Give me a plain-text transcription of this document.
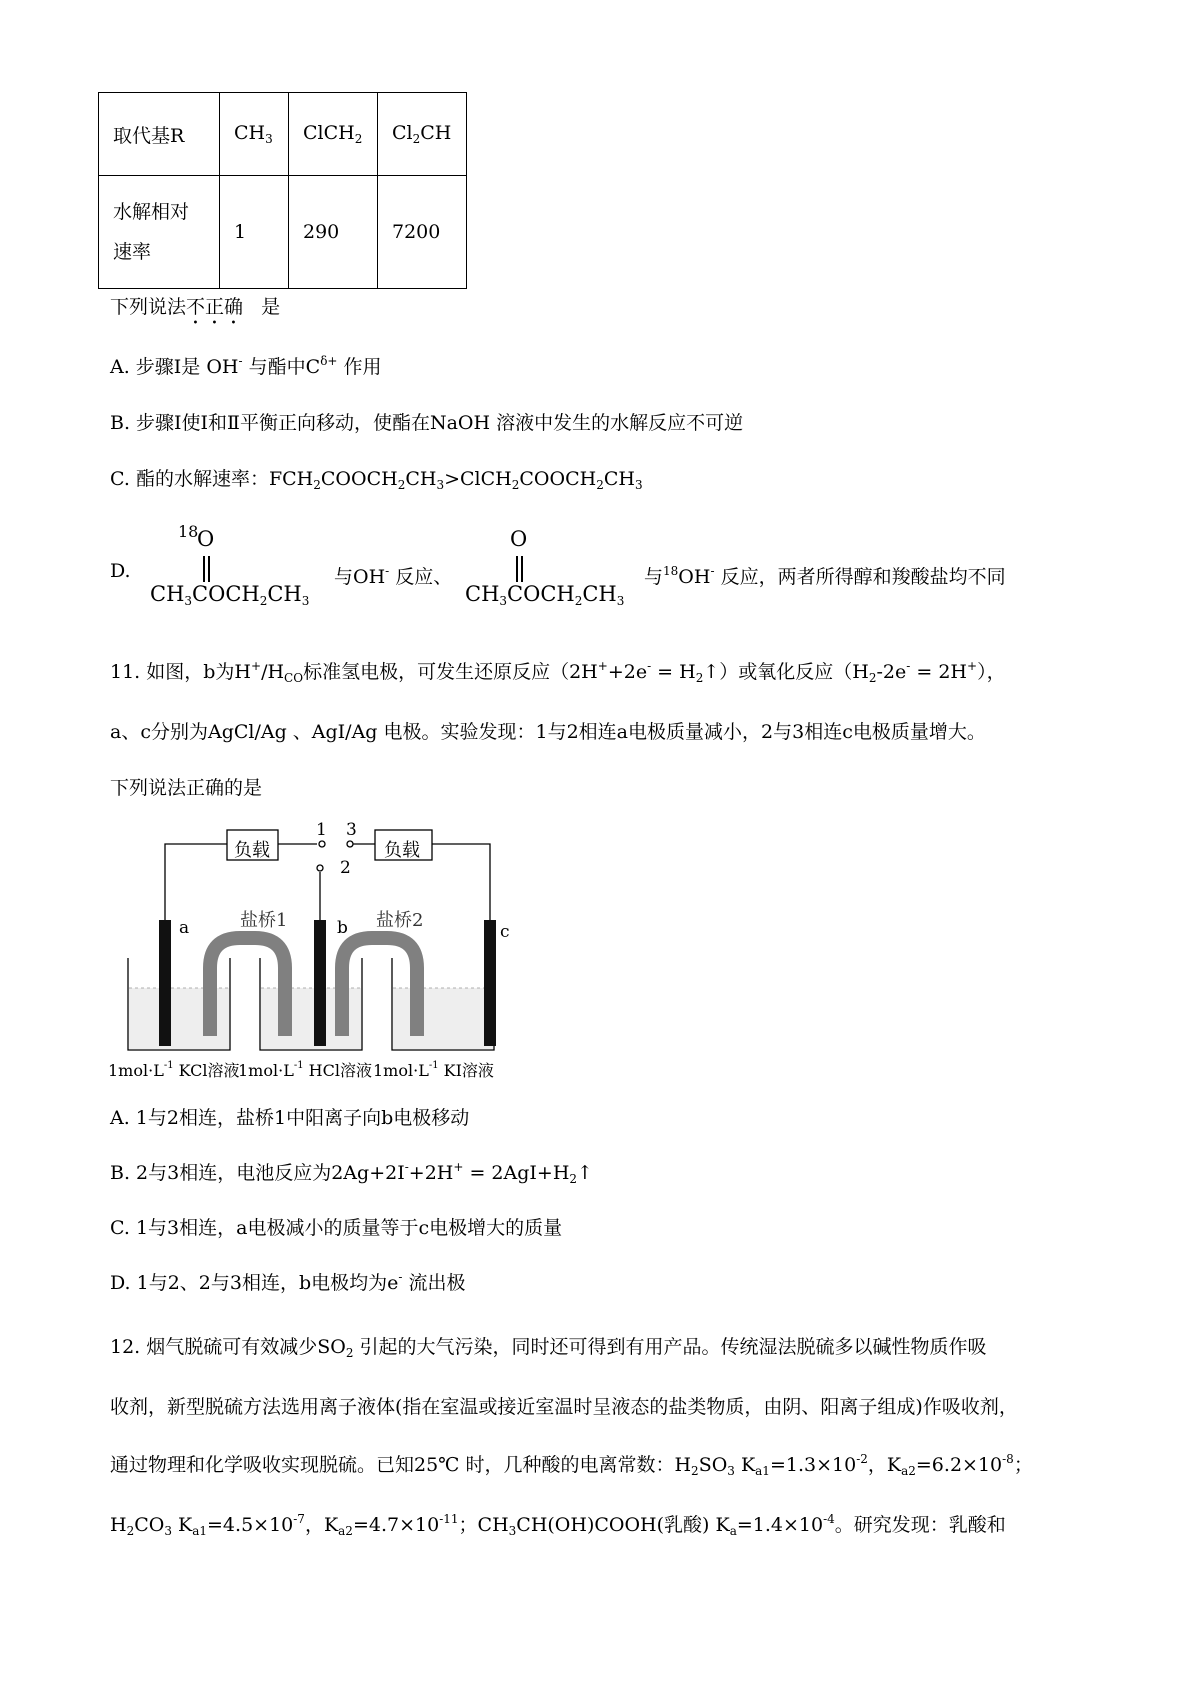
取代基R	$CH_3$	ClCH$_2$	$Cl_2CH$
水解相对速率	1	290	7200
下列说法不正确 是
A. 步骤Ⅰ是 OH- 与酯中$C^{\delta+}$ 作用
B. 步骤Ⅰ使Ⅰ和Ⅱ平衡正向移动，使酯在NaOH 溶液中发生的水解反应不可逆
C. 酯的水解速率：$FCH_2COOCH_2CH_3>ClCH_2COOCH_2CH_3$
D.
18
O
$CH_3COCH_2CH_3$
与OH- 反应、
O
$CH_3COCH_2CH_3$
与$^{18}$OH- 反应，两者所得醇和羧酸盐均不同
11. 如图，b为$H^+/H_{CO}$标准氢电极，可发生还原反应$(2H^++2e^- = H_2↑)$或氧化反应$(H_2-2e^- = 2H^+)$，
a、c分别为AgCl/Ag 、AgI/Ag 电极。实验发现：1与2相连a电极质量减小，2与3相连c电极质量增大。
下列说法正确的是
负载	负载
1 3
2
a	b	c
盐桥1	盐桥2
$1mol\cdot L^{-1}$ KCl溶液
$1mol\cdot L^{-1}$ HCl溶液 $1mol\cdot L^{-1}$ KI溶液
A. 1与2相连，盐桥1中阳离子向b电极移动
B. 2与3相连，电池反应为$2Ag+2I^-+2H^+ = 2AgI+H_2↑$
C. 1与3相连，a电极减小的质量等于c电极增大的质量
D. 1与2、2与3相连，b电极均为e- 流出极
12. 烟气脱硫可有效减少$SO_2$ 引起的大气污染，同时还可得到有用产品。传统湿法脱硫多以碱性物质作吸
收剂，新型脱硫方法选用离子液体(指在室温或接近室温时呈液态的盐类物质，由阴、阳离子组成)作吸收剂，
通过物理和化学吸收实现脱硫。已知25℃ 时，几种酸的电离常数：$H_2SO_3$ $K_{a1}=1.3\times 10^{-2}$，$K_{a2}=6.2\times 10^{-8}$；
$H_2CO_3$ $K_{a1}=4.5\times 10^{-7}$，$K_{a2}=4.7\times 10^{-11}$；$CH_3CH(OH)COOH$(乳酸) $K_a=1.4\times 10^{-4}$。研究发现：乳酸和
